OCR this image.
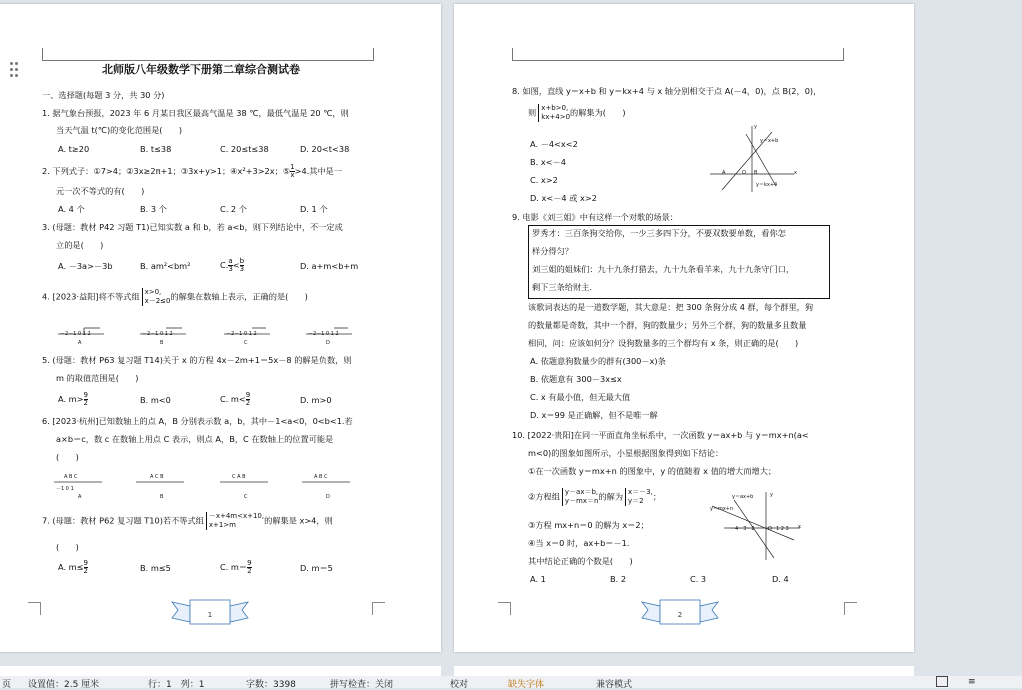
北师版八年级数学下册第二章综合测试卷
一、选择题(每题 3 分，共 30 分)
1. 据气象台预报，2023 年 6 月某日我区最高气温是 38 ℃，最低气温是 20 ℃，则
当天气温 t(℃)的变化范围是(　　)
A. t≥20	B. t≤38	C. 20≤t≤38	D. 20<t<38
2. 下列式子：①7>4；②3x≥2π+1；③3x+y>1；④x²+3>2x；⑤ $\frac{1}{x} >4$.其中是一
元一次不等式的有(　　)
A. 4 个	B. 3 个	C. 2 个	D. 1 个
3. (母题：教材 P42 习题 T1)已知实数 a 和 b，若 a<b，则下列结论中，不一定成
立的是(　　)
A. －3a>－3b	B. am²<bm²	C. $\frac{a}{3} < \frac{b}{3}$	D. a+m<b+m
4. [2023·益阳]将不等式组 x>0,
x－2≤0 的解集在数轴上表示，正确的是(　　)
－2－1 0 1 2	－2－1 0 1 2	－2－1 0 1 2	－2－1 0 1 2
A	B	C	D
5. (母题：教材 P63 复习题 T14)关于 x 的方程 4x－2m+1＝5x－8 的解是负数，则
m 的取值范围是(　　)
A. $m> \frac{9}{2}$	B. m<0	C. $m< \frac{9}{2}$	D. m>0
6. [2023·杭州]已知数轴上的点 A，B 分别表示数 a，b，其中－1<a<0，0<b<1.若
a×b＝c，数 c 在数轴上用点 C 表示，则点 A，B，C 在数轴上的位置可能是
(　　)
A B C	A C B	C A B	A B C
－1 0 1
A	B	C	D
7. (母题：教材 P62 复习题 T10)若不等式组 －x+4m<x+10,
x+1>m	的解集是 x>4，则
(　　)
A. $m\le \frac{9}{2}$	B. m≤5	C. $m= \frac{9}{2}$	D. m＝5
1
8. 如图，直线 y＝x+b 和 y＝kx+4 与 x 轴分别相交于点 A(－4，0)，点 B(2，0)，
则 x+b>0,
kx+4>0 的解集为(　　)
A. －4<x<2
B. x<－4
C. x>2
D. x<－4 或 x>2
y
y＝x+b
A	O B	x
y＝kx+4
9. 电影《刘三姐》中有这样一个对歌的场景：
罗秀才：三百条狗交给你，一少三多四下分，不要双数要单数，看你怎
样分得匀？
刘三姐的姐妹们：九十九条打猎去，九十九条看羊来，九十九条守门口，
剩下三条给财主.
该歌词表达的是一道数学题，其大意是：把 300 条狗分成 4 群，每个群里，狗
的数量都是奇数，其中一个群，狗的数量少；另外三个群，狗的数量多且数量
相同，问：应该如何分？设狗数量多的三个群均有 x 条，则正确的是(　　)
A. 依题意狗数量少的群有(300－x)条
B. 依题意有 300－3x≤x
C. x 有最小值，但无最大值
D. x＝99 是正确解，但不是唯一解
10. [2022·贵阳]在同一平面直角坐标系中，一次函数 y＝ax+b 与 y＝mx+n(a<
m<0)的图象如图所示，小星根据图象得到如下结论：
①在一次函数 y＝mx+n 的图象中，y 的值随着 x 值的增大而增大；
②方程组 y－ax＝b,
y－mx＝n 的解为 x＝－3,
y＝2	；
③方程 mx+n＝0 的解为 x＝2；
④当 x＝0 时，ax+b＝－1.
其中结论正确的个数是(　　)
y＝ax+b	y
y＝mx+n
x
O
－4－3－2	1 2 3
A. 1	B. 2	C. 3	D. 4
2
页 设置值：2.5 厘米	行：1　列：1	字数：3398	拼写检查：关闭	校对	缺失字体	兼容模式	≡
